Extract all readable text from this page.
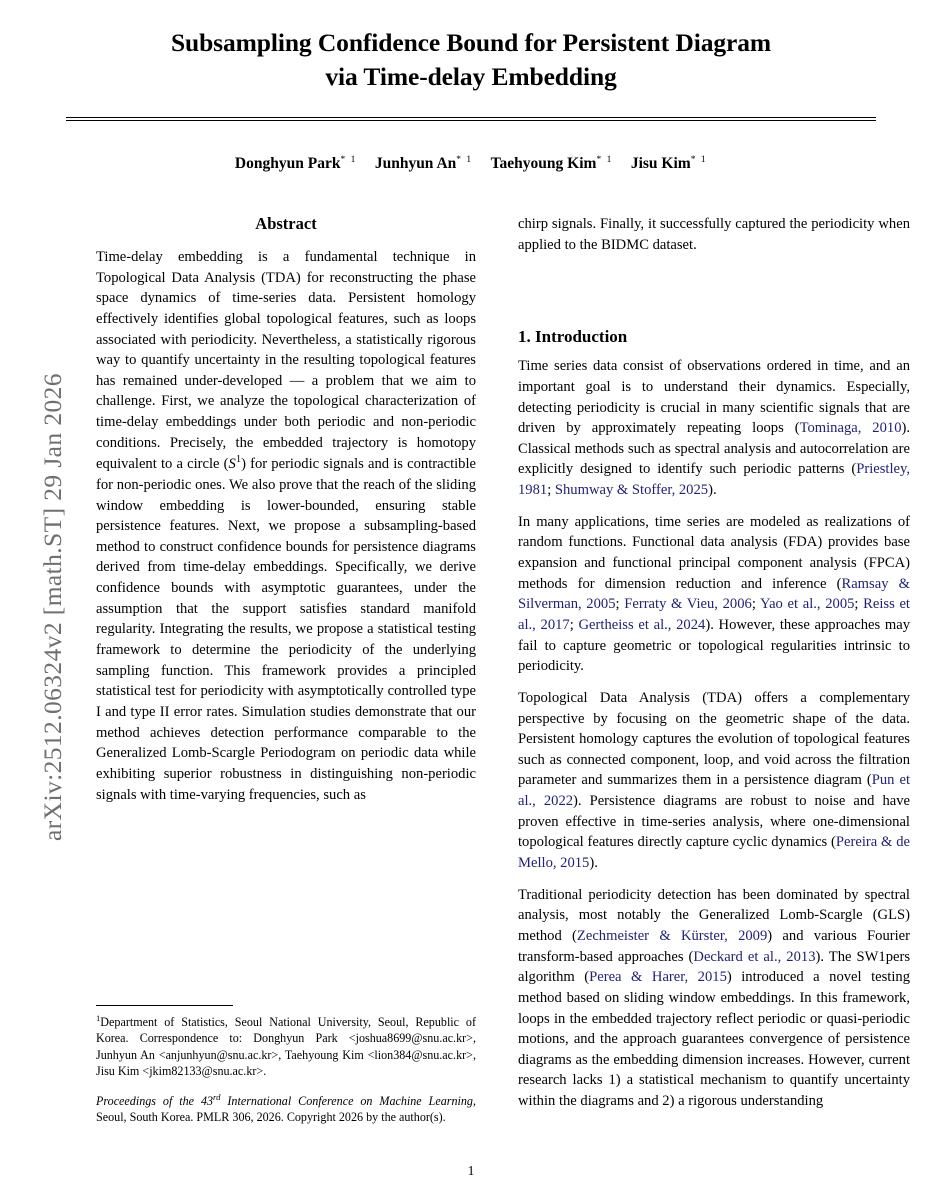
arXiv:2512.06324v2 [math.ST] 29 Jan 2026
Subsampling Confidence Bound for Persistent Diagram
via Time-delay Embedding
Donghyun Park$^{* 1}$ Junhyun An$^{* 1}$ Taehyoung Kim$^{* 1}$ Jisu Kim$^{* 1}$
Abstract

Time-delay embedding is a fundamental technique in Topological Data Analysis (TDA) for reconstructing the phase space dynamics of time-series data. Persistent homology effectively identifies global topological features, such as loops associated with periodicity. Nevertheless, a statistically rigorous way to quantify uncertainty in the resulting topological features has remained under-developed — a problem that we aim to challenge. First, we analyze the topological characterization of time-delay embeddings under both periodic and non-periodic conditions. Precisely, the embedded trajectory is homotopy equivalent to a circle $(S^1)$ for periodic signals and is contractible for non-periodic ones. We also prove that the reach of the sliding window embedding is lower-bounded, ensuring stable persistence features. Next, we propose a subsampling-based method to construct confidence bounds for persistence diagrams derived from time-delay embeddings. Specifically, we derive confidence bounds with asymptotic guarantees, under the assumption that the support satisfies standard manifold regularity. Integrating the results, we propose a statistical testing framework to determine the periodicity of the underlying sampling function. This framework provides a principled statistical test for periodicity with asymptotically controlled type I and type II error rates. Simulation studies demonstrate that our method achieves detection performance comparable to the Generalized Lomb-Scargle Periodogram on periodic data while exhibiting superior robustness in distinguishing non-periodic signals with time-varying frequencies, such as

$^1$Department of Statistics, Seoul National University, Seoul, Republic of Korea. Correspondence to: Donghyun Park <joshua8699@snu.ac.kr>, Junhyun An <anjunhyun@snu.ac.kr>, Taehyoung Kim <lion384@snu.ac.kr>, Jisu Kim <jkim82133@snu.ac.kr>.

Proceedings of the 43rd International Conference on Machine Learning, Seoul, South Korea. PMLR 306, 2026. Copyright 2026 by the author(s).

chirp signals. Finally, it successfully captured the periodicity when applied to the BIDMC dataset.

1. Introduction

Time series data consist of observations ordered in time, and an important goal is to understand their dynamics. Especially, detecting periodicity is crucial in many scientific signals that are driven by approximately repeating loops (Tominaga, 2010). Classical methods such as spectral analysis and autocorrelation are explicitly designed to identify such periodic patterns (Priestley, 1981; Shumway & Stoffer, 2025).

In many applications, time series are modeled as realizations of random functions. Functional data analysis (FDA) provides base expansion and functional principal component analysis (FPCA) methods for dimension reduction and inference (Ramsay & Silverman, 2005; Ferraty & Vieu, 2006; Yao et al., 2005; Reiss et al., 2017; Gertheiss et al., 2024). However, these approaches may fail to capture geometric or topological regularities intrinsic to periodicity.

Topological Data Analysis (TDA) offers a complementary perspective by focusing on the geometric shape of the data. Persistent homology captures the evolution of topological features such as connected component, loop, and void across the filtration parameter and summarizes them in a persistence diagram (Pun et al., 2022). Persistence diagrams are robust to noise and have proven effective in time-series analysis, where one-dimensional topological features directly capture cyclic dynamics (Pereira & de Mello, 2015).

Traditional periodicity detection has been dominated by spectral analysis, most notably the Generalized Lomb-Scargle (GLS) method (Zechmeister & Kürster, 2009) and various Fourier transform-based approaches (Deckard et al., 2013). The SW1pers algorithm (Perea & Harer, 2015) introduced a novel testing method based on sliding window embeddings. In this framework, loops in the embedded trajectory reflect periodic or quasi-periodic motions, and the approach guarantees convergence of persistence diagrams as the embedding dimension increases. However, current research lacks 1) a statistical mechanism to quantify uncertainty within the diagrams and 2) a rigorous understanding

1
